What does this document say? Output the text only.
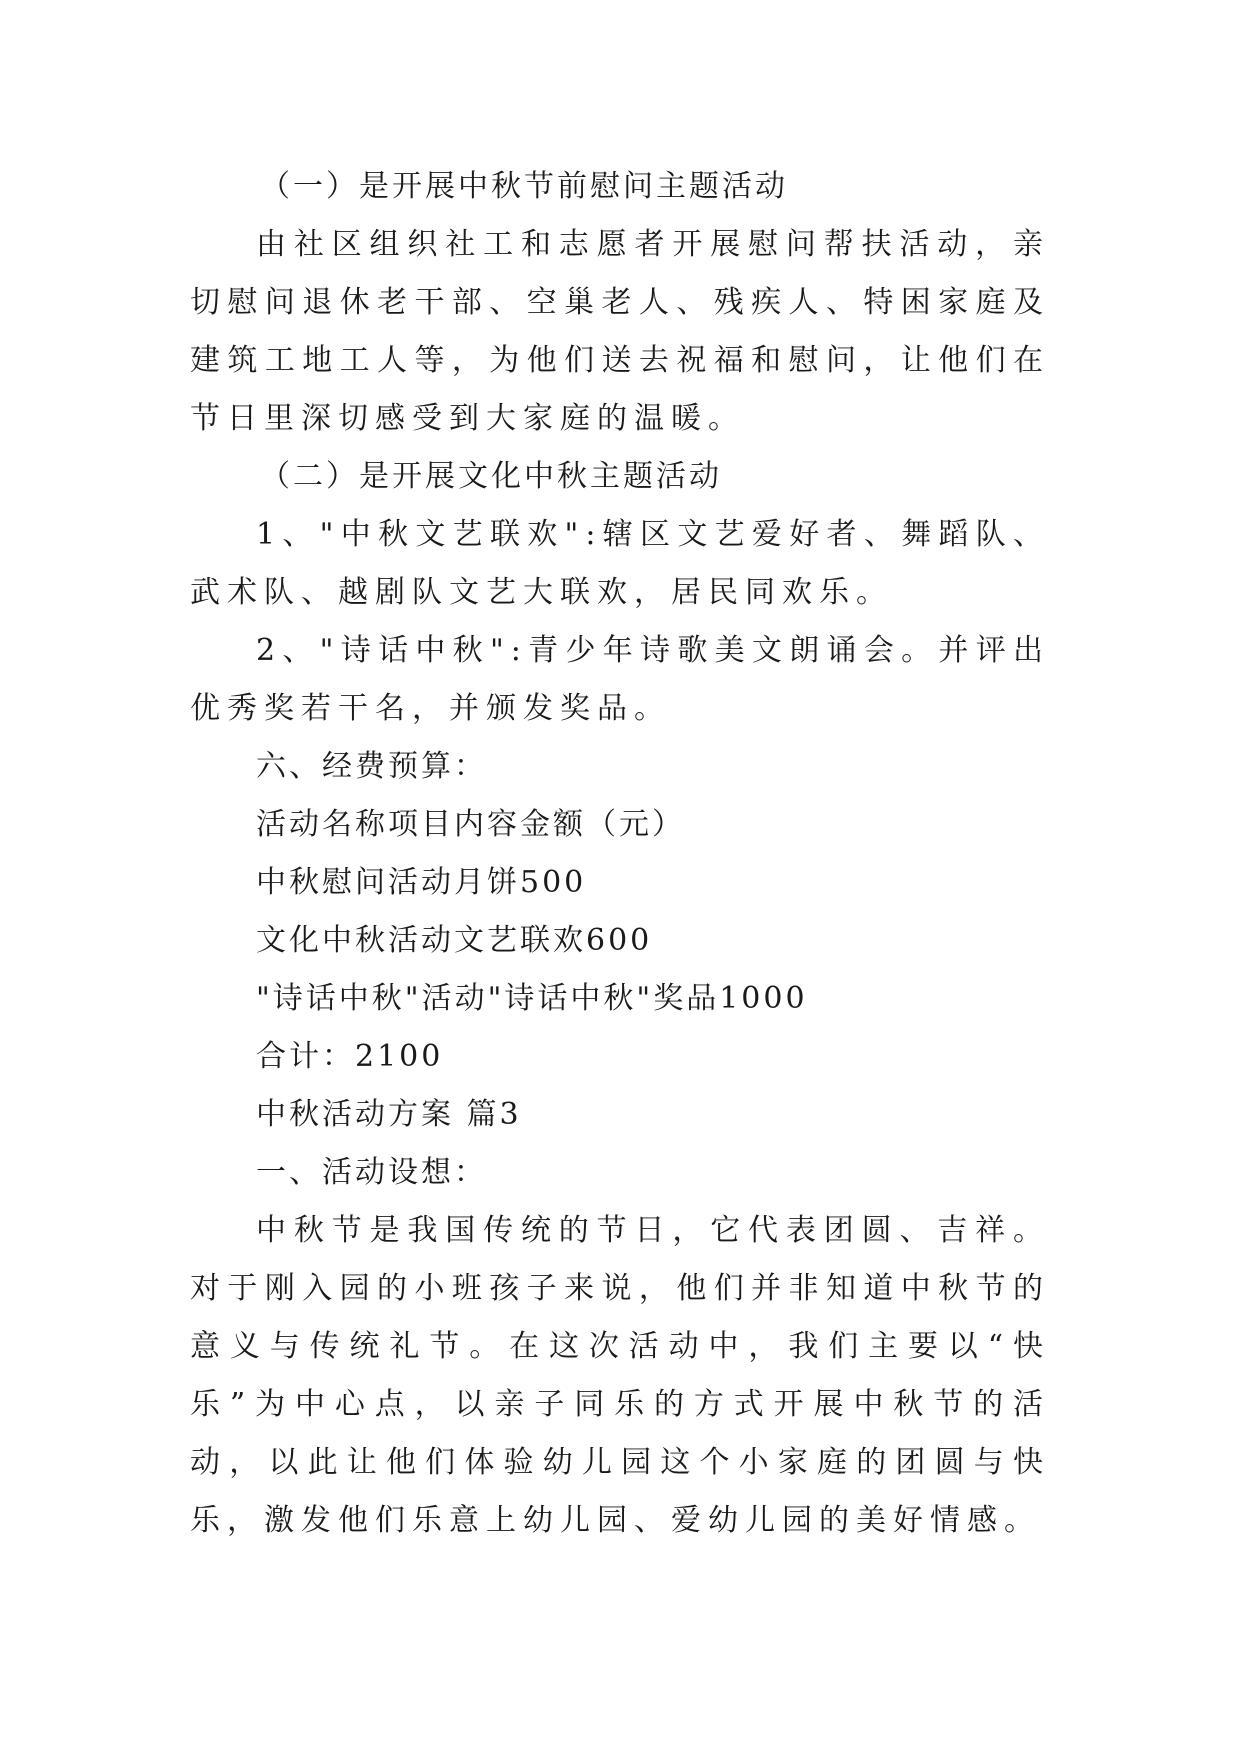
（一）是开展中秋节前慰问主题活动
由社区组织社工和志愿者开展慰问帮扶活动，亲切慰问退休老干部、空巢老人、残疾人、特困家庭及建筑工地工人等，为他们送去祝福和慰问，让他们在节日里深切感受到大家庭的温暖。
（二）是开展文化中秋主题活动
1、"中秋文艺联欢":辖区文艺爱好者、舞蹈队、武术队、越剧队文艺大联欢，居民同欢乐。
2、"诗话中秋":青少年诗歌美文朗诵会。并评出优秀奖若干名，并颁发奖品。
六、经费预算：
活动名称项目内容金额（元）
中秋慰问活动月饼500
文化中秋活动文艺联欢600
"诗话中秋"活动"诗话中秋"奖品1000
合计：2100
中秋活动方案 篇3
一、活动设想：
中秋节是我国传统的节日，它代表团圆、吉祥。对于刚入园的小班孩子来说，他们并非知道中秋节的意义与传统礼节。在这次活动中，我们主要以“快乐”为中心点，以亲子同乐的方式开展中秋节的活动，以此让他们体验幼儿园这个小家庭的团圆与快乐，激发他们乐意上幼儿园、爱幼儿园的美好情感。
